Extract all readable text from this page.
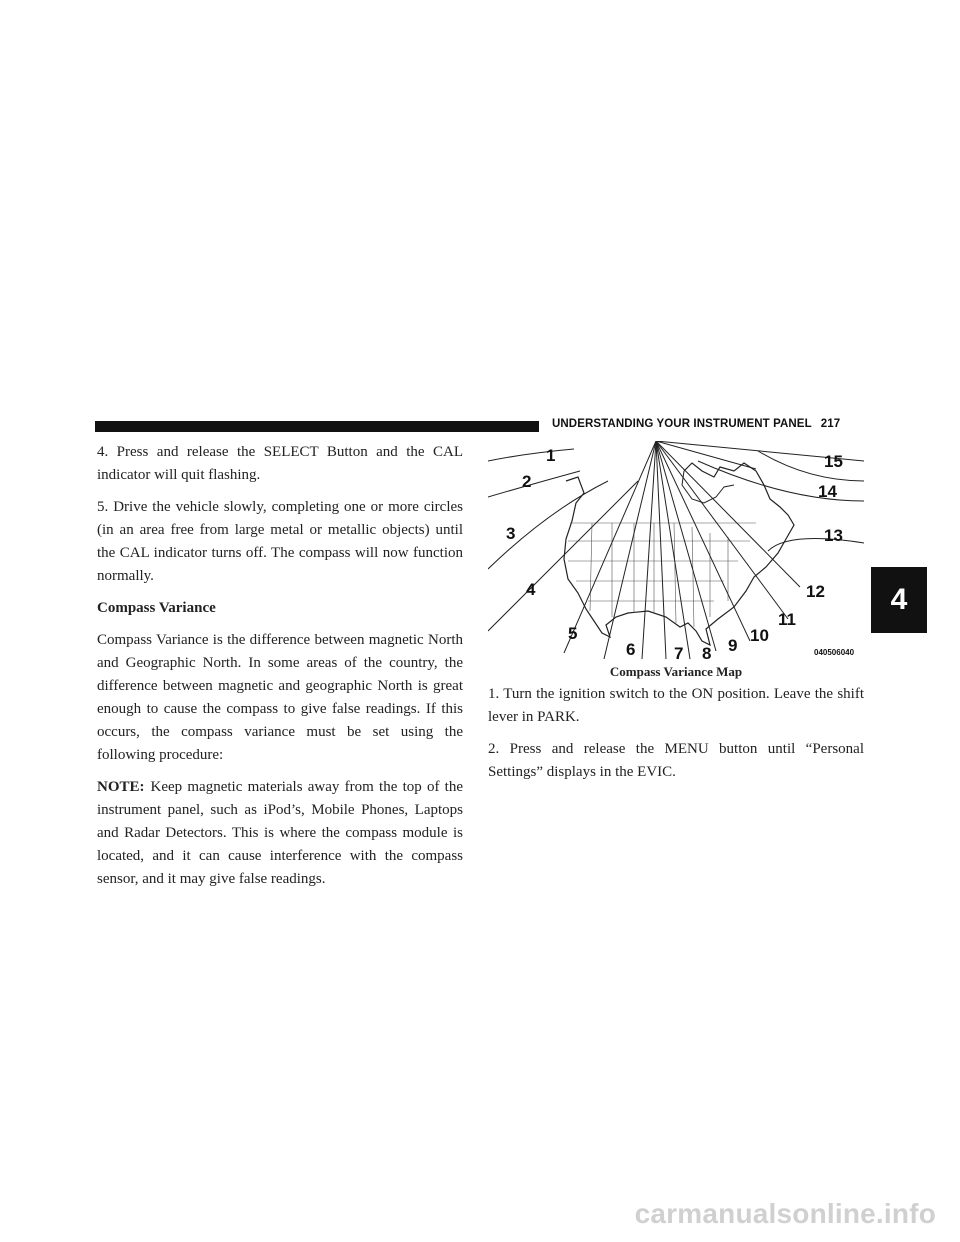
UNDERSTANDING YOUR INSTRUMENT PANEL 217

4. Press and release the SELECT Button and the CAL indicator will quit flashing.

5. Drive the vehicle slowly, completing one or more circles (in an area free from large metal or metallic objects) until the CAL indicator turns off. The compass will now function normally.

Compass Variance

Compass Variance is the difference between magnetic North and Geographic North. In some areas of the country, the difference between magnetic and geographic North is great enough to cause the compass to give false readings. If this occurs, the compass variance must be set using the following procedure:

NOTE: Keep magnetic materials away from the top of the instrument panel, such as iPod’s, Mobile Phones, Laptops and Radar Detectors. This is where the compass module is located, and it can cause interference with the compass sensor, and it may give false readings.

1
2
3
4
5
6 7 8 9
10
11
12
13
14
15
040506040
Compass Variance Map

1. Turn the ignition switch to the ON position. Leave the shift lever in PARK.

2. Press and release the MENU button until “Personal Settings” displays in the EVIC.

4
carmanualsonline.info
